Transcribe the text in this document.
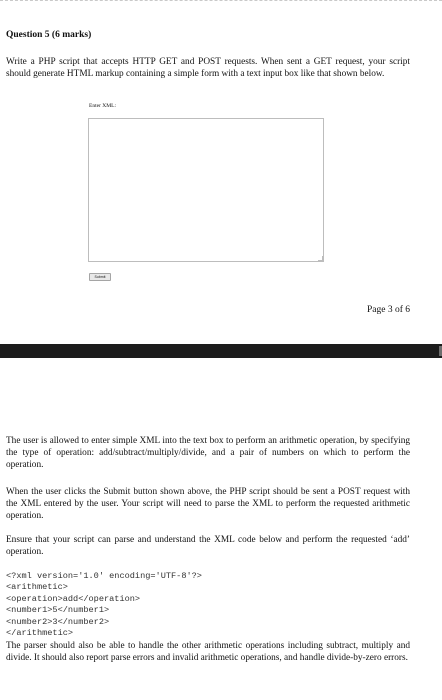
Question 5 (6 marks)

Write a PHP script that accepts HTTP GET and POST requests. When sent a GET request, your script should generate HTML markup containing a simple form with a text input box like that shown below.

Enter XML:

Submit

Page 3 of 6

The user is allowed to enter simple XML into the text box to perform an arithmetic operation, by specifying the type of operation: add/subtract/multiply/divide, and a pair of numbers on which to perform the operation.

When the user clicks the Submit button shown above, the PHP script should be sent a POST request with the XML entered by the user. Your script will need to parse the XML to perform the requested arithmetic operation.

Ensure that your script can parse and understand the XML code below and perform the requested ‘add’ operation.

<?xml version='1.0' encoding='UTF-8'?>
<arithmetic>
<operation>add</operation>
<number1>5</number1>
<number2>3</number2>
</arithmetic>

The parser should also be able to handle the other arithmetic operations including subtract, multiply and divide. It should also report parse errors and invalid arithmetic operations, and handle divide-by-zero errors.
